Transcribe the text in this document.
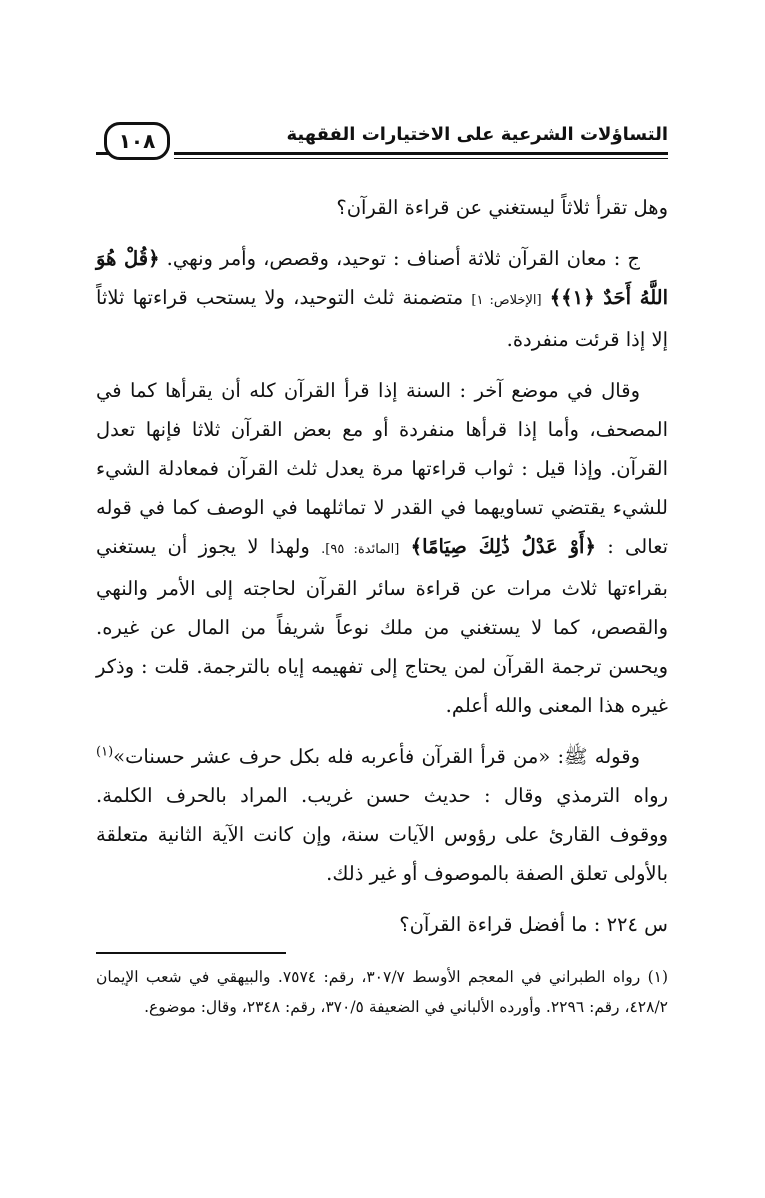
التساؤلات الشرعية على الاختيارات الفقهية
١٠٨

وهل تقرأ ثلاثاً ليستغني عن قراءة القرآن؟

ج : معان القرآن ثلاثة أصناف : توحيد، وقصص، وأمر ونهي. ﴿قُلْ هُوَ اللَّهُ أَحَدٌ ﴿١﴾﴾ [الإخلاص: ١] متضمنة ثلث التوحيد، ولا يستحب قراءتها ثلاثاً إلا إذا قرئت منفردة.

وقال في موضع آخر : السنة إذا قرأ القرآن كله أن يقرأها كما في المصحف، وأما إذا قرأها منفردة أو مع بعض القرآن ثلاثا فإنها تعدل القرآن. وإذا قيل : ثواب قراءتها مرة يعدل ثلث القرآن فمعادلة الشيء للشيء يقتضي تساويهما في القدر لا تماثلهما في الوصف كما في قوله تعالى : ﴿أَوْ عَدْلُ ذَٰلِكَ صِيَامًا﴾ [المائدة: ٩٥]. ولهذا لا يجوز أن يستغني بقراءتها ثلاث مرات عن قراءة سائر القرآن لحاجته إلى الأمر والنهي والقصص، كما لا يستغني من ملك نوعاً شريفاً من المال عن غيره. ويحسن ترجمة القرآن لمن يحتاج إلى تفهيمه إياه بالترجمة. قلت : وذكر غيره هذا المعنى والله أعلم.

وقوله ﷺ: «من قرأ القرآن فأعربه فله بكل حرف عشر حسنات»$^{(١)}$ رواه الترمذي وقال : حديث حسن غريب. المراد بالحرف الكلمة. ووقوف القارئ على رؤوس الآيات سنة، وإن كانت الآية الثانية متعلقة بالأولى تعلق الصفة بالموصوف أو غير ذلك.

س ٢٢٤ : ما أفضل قراءة القرآن؟

(١) رواه الطبراني في المعجم الأوسط ٣٠٧/٧، رقم: ٧٥٧٤. والبيهقي في شعب الإيمان ٤٢٨/٢، رقم: ٢٢٩٦. وأورده الألباني في الضعيفة ٣٧٠/٥، رقم: ٢٣٤٨، وقال: موضوع.
